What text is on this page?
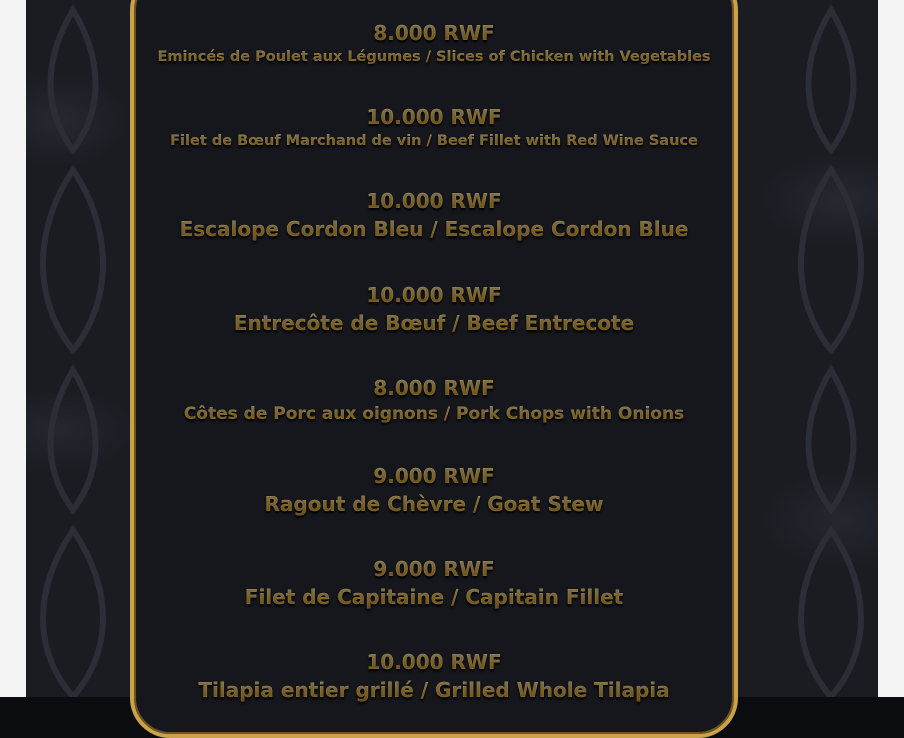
8.000 RWF
Emincés de Poulet aux Légumes / Slices of Chicken with Vegetables
10.000 RWF
Filet de Bœuf Marchand de vin / Beef Fillet with Red Wine Sauce
10.000 RWF
Escalope Cordon Bleu / Escalope Cordon Blue
10.000 RWF
Entrecôte de Bœuf / Beef Entrecote
8.000 RWF
Côtes de Porc aux oignons / Pork Chops with Onions
9.000 RWF
Ragout de Chèvre / Goat Stew
9.000 RWF
Filet de Capitaine / Capitain Fillet
10.000 RWF
Tilapia entier grillé / Grilled Whole Tilapia
